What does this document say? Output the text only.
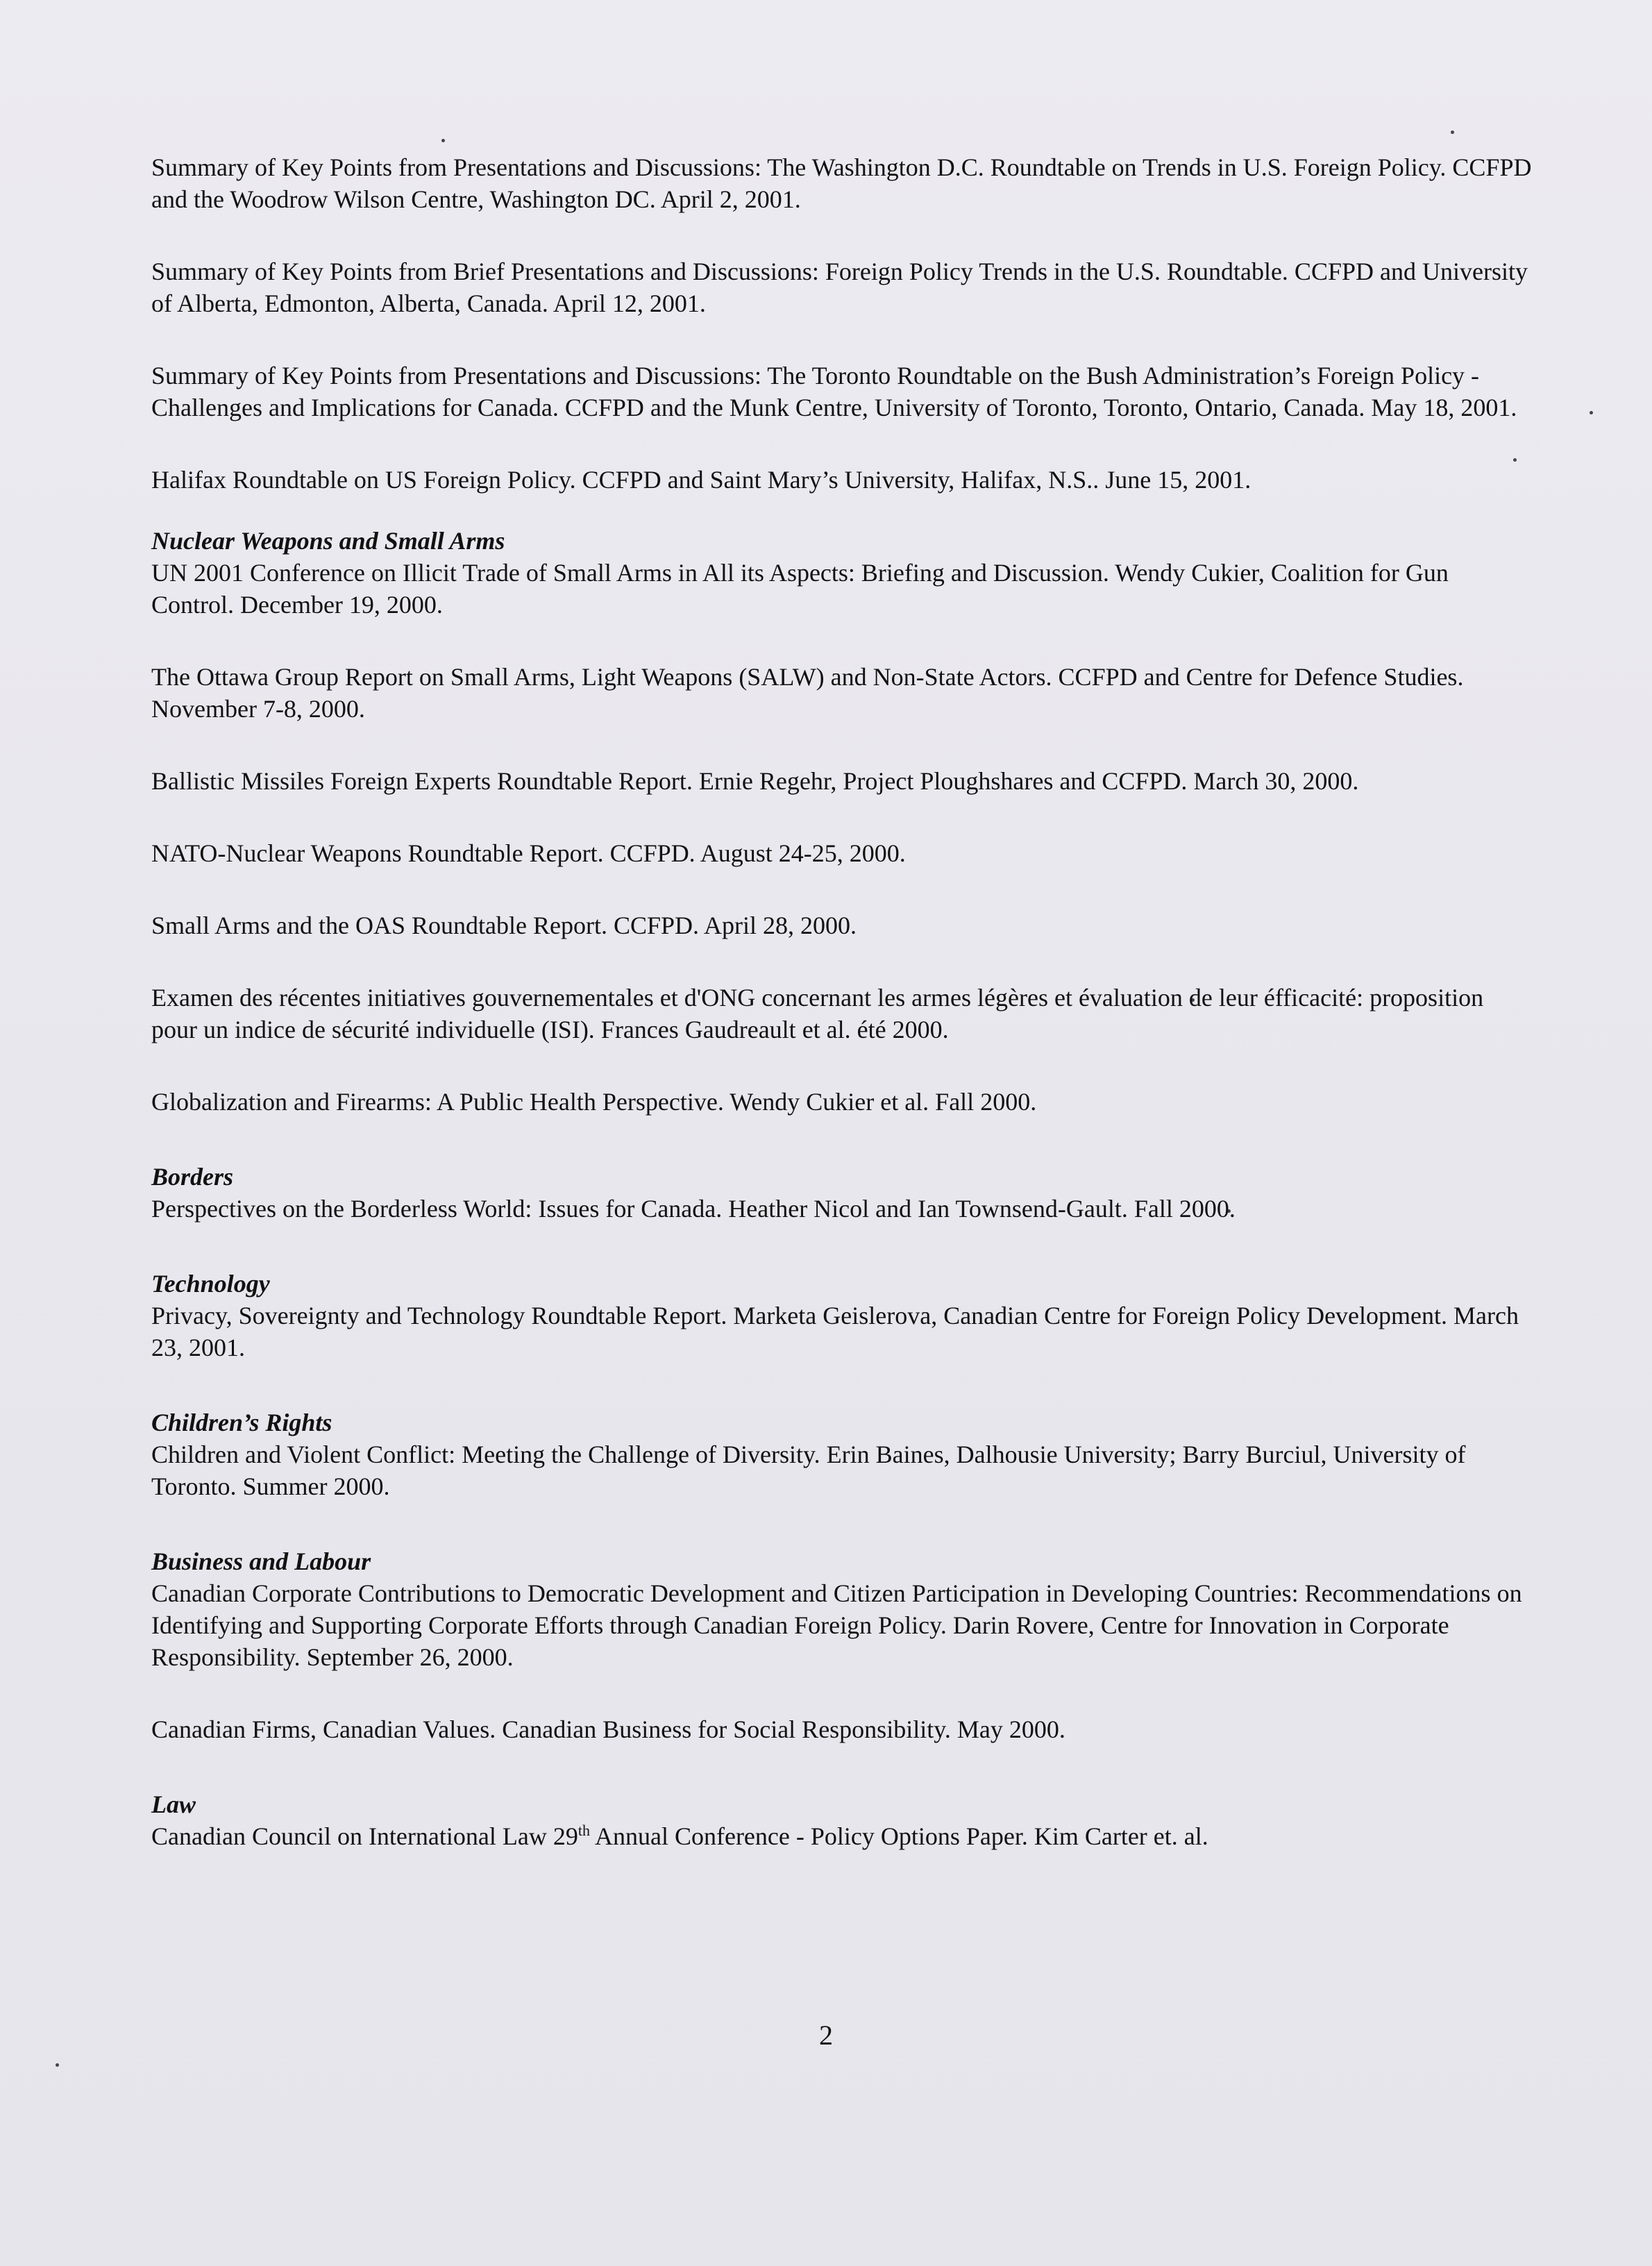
Summary of Key Points from Presentations and Discussions: The Washington D.C. Roundtable on Trends in U.S. Foreign Policy. CCFPD and the Woodrow Wilson Centre, Washington DC. April 2, 2001.

Summary of Key Points from Brief Presentations and Discussions: Foreign Policy Trends in the U.S. Roundtable. CCFPD and University of Alberta, Edmonton, Alberta, Canada. April 12, 2001.

Summary of Key Points from Presentations and Discussions: The Toronto Roundtable on the Bush Administration’s Foreign Policy - Challenges and Implications for Canada. CCFPD and the Munk Centre, University of Toronto, Toronto, Ontario, Canada. May 18, 2001.

Halifax Roundtable on US Foreign Policy. CCFPD and Saint Mary’s University, Halifax, N.S.. June 15, 2001.

Nuclear Weapons and Small Arms

UN 2001 Conference on Illicit Trade of Small Arms in All its Aspects: Briefing and Discussion. Wendy Cukier, Coalition for Gun Control. December 19, 2000.

The Ottawa Group Report on Small Arms, Light Weapons (SALW) and Non-State Actors. CCFPD and Centre for Defence Studies. November 7-8, 2000.

Ballistic Missiles Foreign Experts Roundtable Report. Ernie Regehr, Project Ploughshares and CCFPD. March 30, 2000.

NATO-Nuclear Weapons Roundtable Report. CCFPD. August 24-25, 2000.

Small Arms and the OAS Roundtable Report. CCFPD. April 28, 2000.

Examen des récentes initiatives gouvernementales et d'ONG concernant les armes légères et évaluation de leur éfficacité: proposition pour un indice de sécurité individuelle (ISI). Frances Gaudreault et al. été 2000.

Globalization and Firearms: A Public Health Perspective. Wendy Cukier et al. Fall 2000.

Borders

Perspectives on the Borderless World: Issues for Canada. Heather Nicol and Ian Townsend-Gault. Fall 2000.

Technology

Privacy, Sovereignty and Technology Roundtable Report. Marketa Geislerova, Canadian Centre for Foreign Policy Development. March 23, 2001.

Children’s Rights

Children and Violent Conflict: Meeting the Challenge of Diversity. Erin Baines, Dalhousie University; Barry Burciul, University of Toronto. Summer 2000.

Business and Labour

Canadian Corporate Contributions to Democratic Development and Citizen Participation in Developing Countries: Recommendations on Identifying and Supporting Corporate Efforts through Canadian Foreign Policy. Darin Rovere, Centre for Innovation in Corporate Responsibility. September 26, 2000.

Canadian Firms, Canadian Values. Canadian Business for Social Responsibility. May 2000.

Law

Canadian Council on International Law 29th Annual Conference - Policy Options Paper. Kim Carter et. al.

2
